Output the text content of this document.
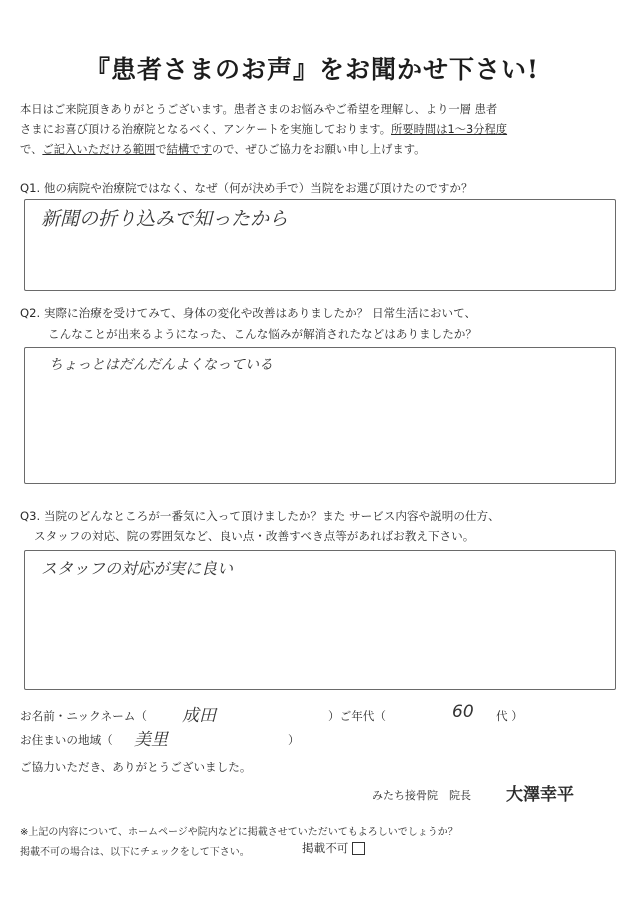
『患者さまのお声』をお聞かせ下さい!
本日はご来院頂きありがとうございます。患者さまのお悩みやご希望を理解し、より一層 患者
さまにお喜び頂ける治療院となるべく、アンケートを実施しております。所要時間は1〜3分程度
で、ご記入いただける範囲で結構ですので、ぜひご協力をお願い申し上げます。
Q1. 他の病院や治療院ではなく、なぜ（何が決め手で）当院をお選び頂けたのですか？
新聞の折り込みで知ったから
Q2. 実際に治療を受けてみて、身体の変化や改善はありましたか？ 日常生活において、
こんなことが出来るようになった、こんな悩みが解消されたなどはありましたか？
ちょっとはだんだんよくなっている
Q3. 当院のどんなところが一番気に入って頂けましたか？また サービス内容や説明の仕方、
スタッフの対応、院の雰囲気など、良い点・改善すべき点等があればお教え下さい。
スタッフの対応が実に良い
お名前・ニックネーム（ 成田	）ご年代（	60 代 ）
お住まいの地域（ 美里	）
ご協力いただき、ありがとうございました。
みたち接骨院　院長 大澤幸平
※上記の内容について、ホームページや院内などに掲載させていただいてもよろしいでしょうか？
掲載不可の場合は、以下にチェックをして下さい。	掲載不可
